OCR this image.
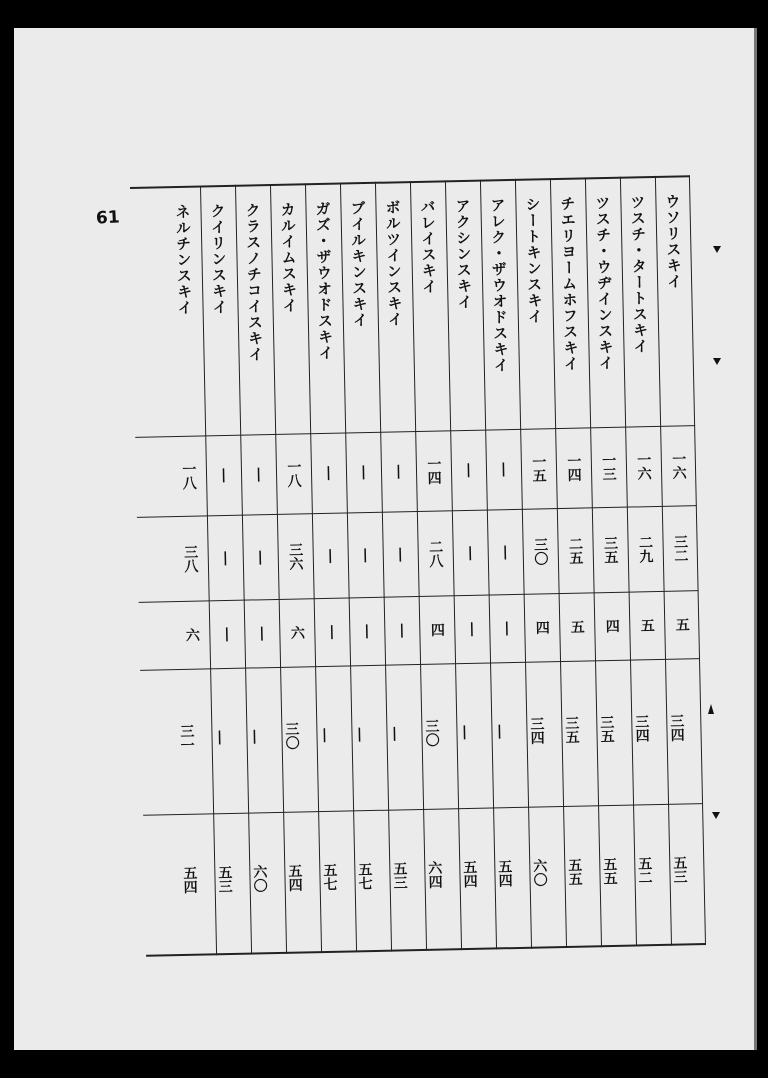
61	ウソリスキイ
一六
三二
五
三四
五三
ツスチ・タートスキイ
一六
二九
五
三四
五二
ツスチ・ウヂインスキイ
一三
三五
四
三五
五五
チエリヨームホフスキイ
一四
二五
五
三五
五五
シートキンスキイ
一五
三〇
四
三四
六〇
アレク・ザウオドスキイ
|
|
|
|
五四
アクシンスキイ
|
|
|
|
五四
バレイスキイ
一四
二八
四
三〇
六四
ボルツインスキイ
|
|
|
|
五三
ブイルキンスキイ
|
|
|
|
五七
ガズ・ザウオドスキイ
|
|
|
|
五七
カルイムスキイ
一八
三六
六
三〇
五四
クラスノチコイスキイ
|
|
|
|
六〇
クイリンスキイ
|
|
|
|
五三
ネルチンスキイ
一八
三八
六
三一
五四
